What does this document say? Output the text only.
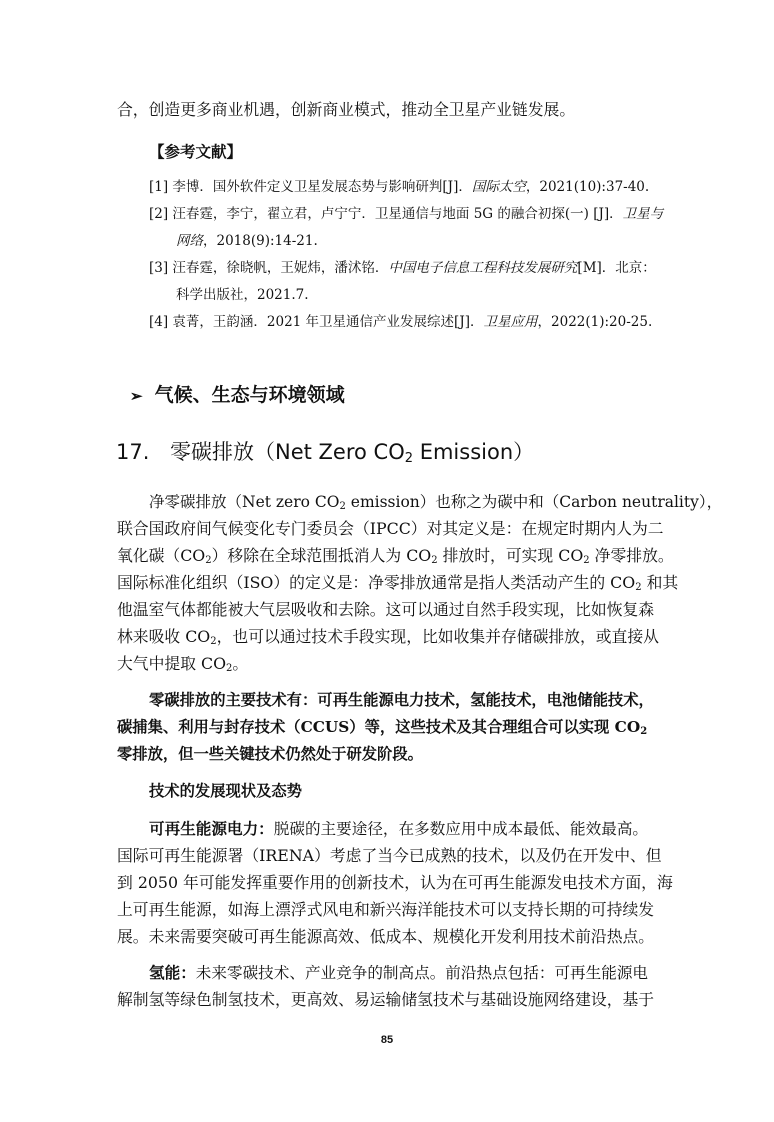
合，创造更多商业机遇，创新商业模式，推动全卫星产业链发展。
【参考文献】
[1] 李博．国外软件定义卫星发展态势与影响研判[J]．国际太空，2021(10):37-40.
[2] 汪春霆，李宁，翟立君，卢宁宁．卫星通信与地面 5G 的融合初探(一) [J]．卫星与
网络，2018(9):14-21.
[3] 汪春霆，徐晓帆，王妮炜，潘沭铭．中国电子信息工程科技发展研究[M]．北京：
科学出版社，2021.7.
[4] 袁菁，王韵涵．2021 年卫星通信产业发展综述[J]．卫星应用，2022(1):20-25.
➢ 气候、生态与环境领域
17. 零碳排放（Net Zero $CO_2$ Emission）
净零碳排放（Net zero $CO_2$ emission）也称之为碳中和（Carbon neutrality），
联合国政府间气候变化专门委员会（IPCC）对其定义是：在规定时期内人为二
氧化碳$(CO_2)$移除在全球范围抵消人为 $CO_2$ 排放时，可实现 $CO_2$ 净零排放。
国际标准化组织（ISO）的定义是：净零排放通常是指人类活动产生的 $CO_2$ 和其
他温室气体都能被大气层吸收和去除。这可以通过自然手段实现，比如恢复森
林来吸收 $CO_2$，也可以通过技术手段实现，比如收集并存储碳排放，或直接从
大气中提取 $CO_2$。
零碳排放的主要技术有：可再生能源电力技术，氢能技术，电池储能技术，
碳捕集、利用与封存技术（CCUS）等，这些技术及其合理组合可以实现 $CO_2$
零排放，但一些关键技术仍然处于研发阶段。
技术的发展现状及态势
可再生能源电力：脱碳的主要途径，在多数应用中成本最低、能效最高。
国际可再生能源署（IRENA）考虑了当今已成熟的技术，以及仍在开发中、但
到 2050 年可能发挥重要作用的创新技术，认为在可再生能源发电技术方面，海
上可再生能源，如海上漂浮式风电和新兴海洋能技术可以支持长期的可持续发
展。未来需要突破可再生能源高效、低成本、规模化开发利用技术前沿热点。
氢能：未来零碳技术、产业竞争的制高点。前沿热点包括：可再生能源电
解制氢等绿色制氢技术，更高效、易运输储氢技术与基础设施网络建设，基于
85
